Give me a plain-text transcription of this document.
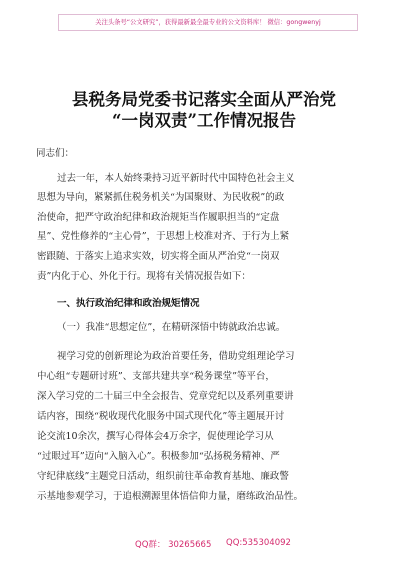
关注头条号“公文研究”，获得最新最全最专业的公文资料库！ 微信：gongwenyj
县税务局党委书记落实全面从严治党
“一岗双责”工作情况报告
同志们：
过去一年，本人始终秉持习近平新时代中国特色社会主义
思想为导向，紧紧抓住税务机关“为国聚财、为民收税”的政
治使命，把严守政治纪律和政治规矩当作履职担当的“定盘
星”、党性修养的“主心骨”，于思想上校准对齐、于行为上紧
密跟随、于落实上追求实效，切实将全面从严治党“一岗双
责”内化于心、外化于行。现将有关情况报告如下：
一、执行政治纪律和政治规矩情况
（一）我准“思想定位”，在精研深悟中铸就政治忠诚。
视学习党的创新理论为政治首要任务，借助党组理论学习
中心组“专题研讨班”、支部共建共享“税务课堂”等平台，
深入学习党的二十届三中全会报告、党章党纪以及系列重要讲
话内容，围绕“税收现代化服务中国式现代化”等主题展开讨
论交流10余次，撰写心得体会4万余字，促使理论学习从
“过眼过耳”迈向“入脑入心”。积极参加“弘扬税务精神、严
守纪律底线”主题党日活动，组织前往革命教育基地、廉政警
示基地参观学习，于追根溯源里体悟信仰力量，磨练政治品性。
QQ群： 30265665 QQ:535304092
